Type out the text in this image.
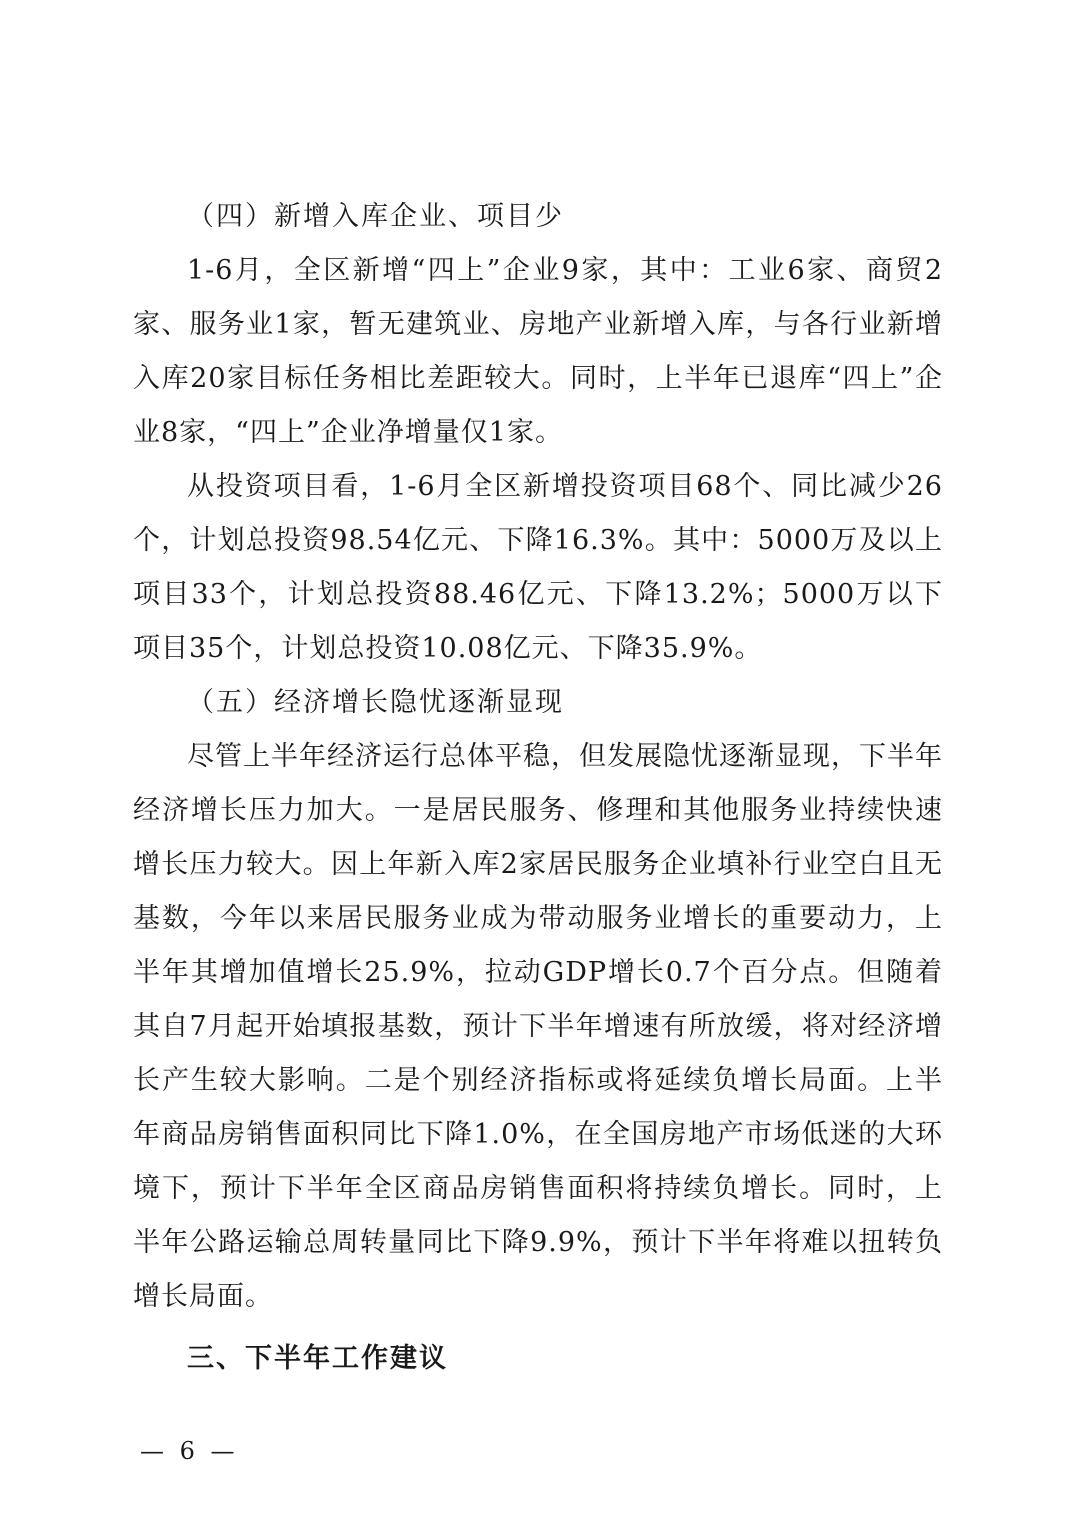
（四）新增入库企业、项目少

1-6月，全区新增“四上”企业9家，其中：工业6家、商贸2家、服务业1家，暂无建筑业、房地产业新增入库，与各行业新增入库20家目标任务相比差距较大。同时，上半年已退库“四上”企业8家，“四上”企业净增量仅1家。

从投资项目看，1-6月全区新增投资项目68个、同比减少26个，计划总投资98.54亿元、下降16.3%。其中：5000万及以上项目33个，计划总投资88.46亿元、下降13.2%；5000万以下项目35个，计划总投资10.08亿元、下降35.9%。

（五）经济增长隐忧逐渐显现

尽管上半年经济运行总体平稳，但发展隐忧逐渐显现，下半年经济增长压力加大。一是居民服务、修理和其他服务业持续快速增长压力较大。因上年新入库2家居民服务企业填补行业空白且无基数，今年以来居民服务业成为带动服务业增长的重要动力，上半年其增加值增长25.9%，拉动GDP增长0.7个百分点。但随着其自7月起开始填报基数，预计下半年增速有所放缓，将对经济增长产生较大影响。二是个别经济指标或将延续负增长局面。上半年商品房销售面积同比下降1.0%，在全国房地产市场低迷的大环境下，预计下半年全区商品房销售面积将持续负增长。同时，上半年公路运输总周转量同比下降9.9%，预计下半年将难以扭转负增长局面。

三、下半年工作建议
— 6 —
